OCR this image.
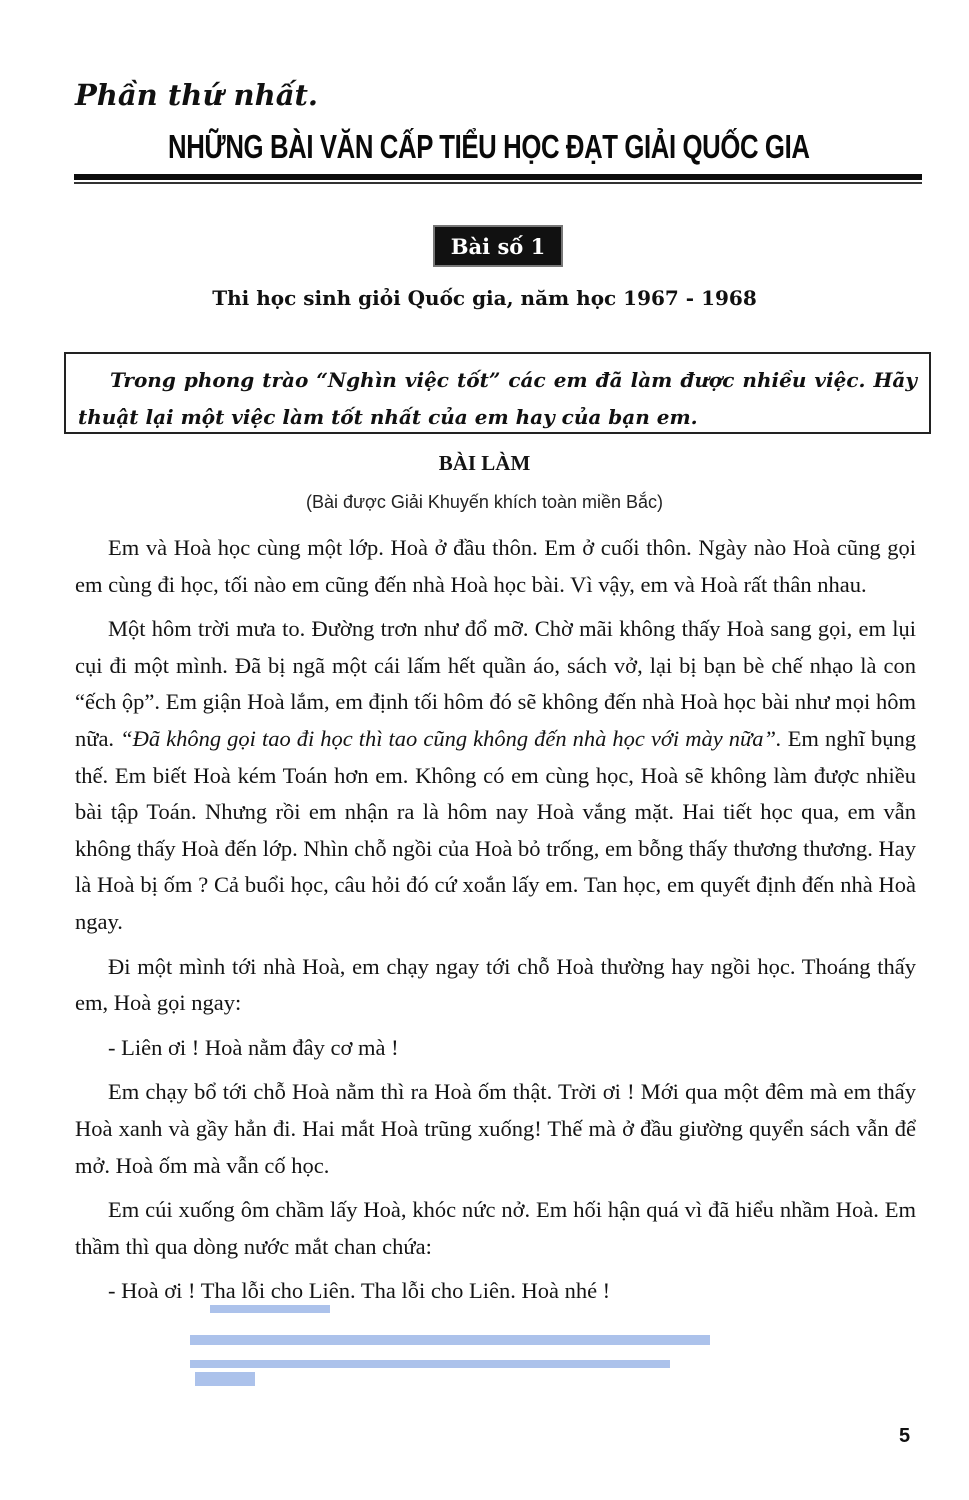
Phần thứ nhất.
NHỮNG BÀI VĂN CẤP TIỂU HỌC ĐẠT GIẢI QUỐC GIA
Bài số 1
Thi học sinh giỏi Quốc gia, năm học 1967 - 1968
Trong phong trào “Nghìn việc tốt” các em đã làm được nhiều việc. Hãy thuật lại một việc làm tốt nhất của em hay của bạn em.
BÀI LÀM
(Bài được Giải Khuyến khích toàn miền Bắc)

Em và Hoà học cùng một lớp. Hoà ở đầu thôn. Em ở cuối thôn. Ngày nào Hoà cũng gọi em cùng đi học, tối nào em cũng đến nhà Hoà học bài. Vì vậy, em và Hoà rất thân nhau.

Một hôm trời mưa to. Đường trơn như đổ mỡ. Chờ mãi không thấy Hoà sang gọi, em lụi cụi đi một mình. Đã bị ngã một cái lấm hết quần áo, sách vở, lại bị bạn bè chế nhạo là con “ếch ộp”. Em giận Hoà lắm, em định tối hôm đó sẽ không đến nhà Hoà học bài như mọi hôm nữa. “Đã không gọi tao đi học thì tao cũng không đến nhà học với mày nữa”. Em nghĩ bụng thế. Em biết Hoà kém Toán hơn em. Không có em cùng học, Hoà sẽ không làm được nhiều bài tập Toán. Nhưng rồi em nhận ra là hôm nay Hoà vắng mặt. Hai tiết học qua, em vẫn không thấy Hoà đến lớp. Nhìn chỗ ngồi của Hoà bỏ trống, em bỗng thấy thương thương. Hay là Hoà bị ốm ? Cả buổi học, câu hỏi đó cứ xoắn lấy em. Tan học, em quyết định đến nhà Hoà ngay.

Đi một mình tới nhà Hoà, em chạy ngay tới chỗ Hoà thường hay ngồi học. Thoáng thấy em, Hoà gọi ngay:

- Liên ơi ! Hoà nằm đây cơ mà !

Em chạy bổ tới chỗ Hoà nằm thì ra Hoà ốm thật. Trời ơi ! Mới qua một đêm mà em thấy Hoà xanh và gầy hẳn đi. Hai mắt Hoà trũng xuống! Thế mà ở đầu giường quyển sách vẫn để mở. Hoà ốm mà vẫn cố học.

Em cúi xuống ôm chầm lấy Hoà, khóc nức nở. Em hối hận quá vì đã hiểu nhầm Hoà. Em thầm thì qua dòng nước mắt chan chứa:

- Hoà ơi ! Tha lỗi cho Liên. Tha lỗi cho Liên. Hoà nhé !

5
